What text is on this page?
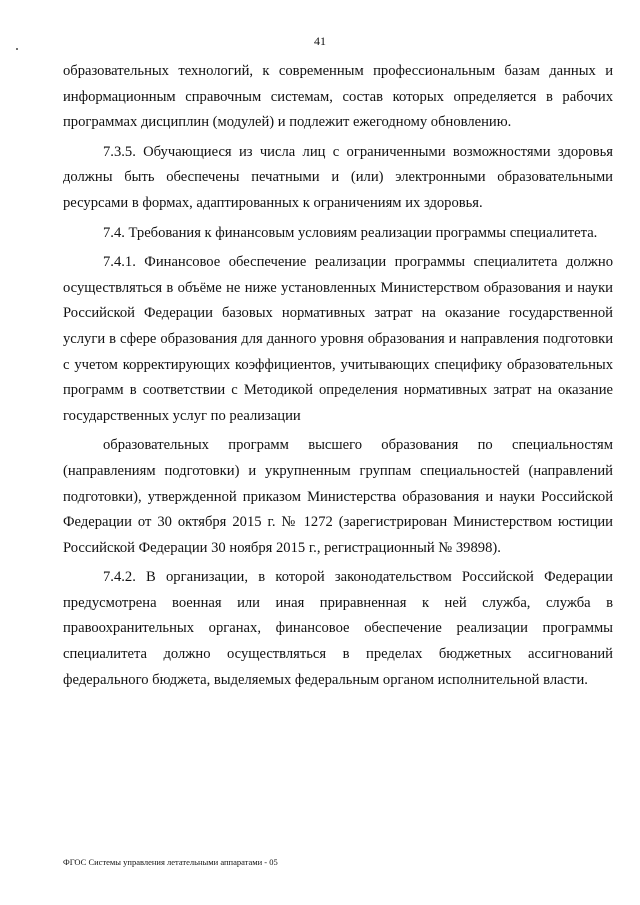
41

образовательных технологий, к современным профессиональным базам данных и информационным справочным системам, состав которых определяется в рабочих программах дисциплин (модулей) и подлежит ежегодному обновлению.

7.3.5. Обучающиеся из числа лиц с ограниченными возможностями здоровья должны быть обеспечены печатными и (или) электронными образовательными ресурсами в формах, адаптированных к ограничениям их здоровья.

7.4. Требования к финансовым условиям реализации программы специалитета.

7.4.1. Финансовое обеспечение реализации программы специалитета должно осуществляться в объёме не ниже установленных Министерством образования и науки Российской Федерации базовых нормативных затрат на оказание государственной услуги в сфере образования для данного уровня образования и направления подготовки с учетом корректирующих коэффициентов, учитывающих специфику образовательных программ в соответствии с Методикой определения нормативных затрат на оказание государственных услуг по реализации

образовательных программ высшего образования по специальностям (направлениям подготовки) и укрупненным группам специальностей (направлений подготовки), утвержденной приказом Министерства образования и науки Российской Федерации от 30 октября 2015 г. № 1272 (зарегистрирован Министерством юстиции Российской Федерации 30 ноября 2015 г., регистрационный № 39898).

7.4.2. В организации, в которой законодательством Российской Федерации предусмотрена военная или иная приравненная к ней служба, служба в правоохранительных органах, финансовое обеспечение реализации программы специалитета должно осуществляться в пределах бюджетных ассигнований федерального бюджета, выделяемых федеральным органом исполнительной власти.

ФГОС Системы управления летательными аппаратами - 05
